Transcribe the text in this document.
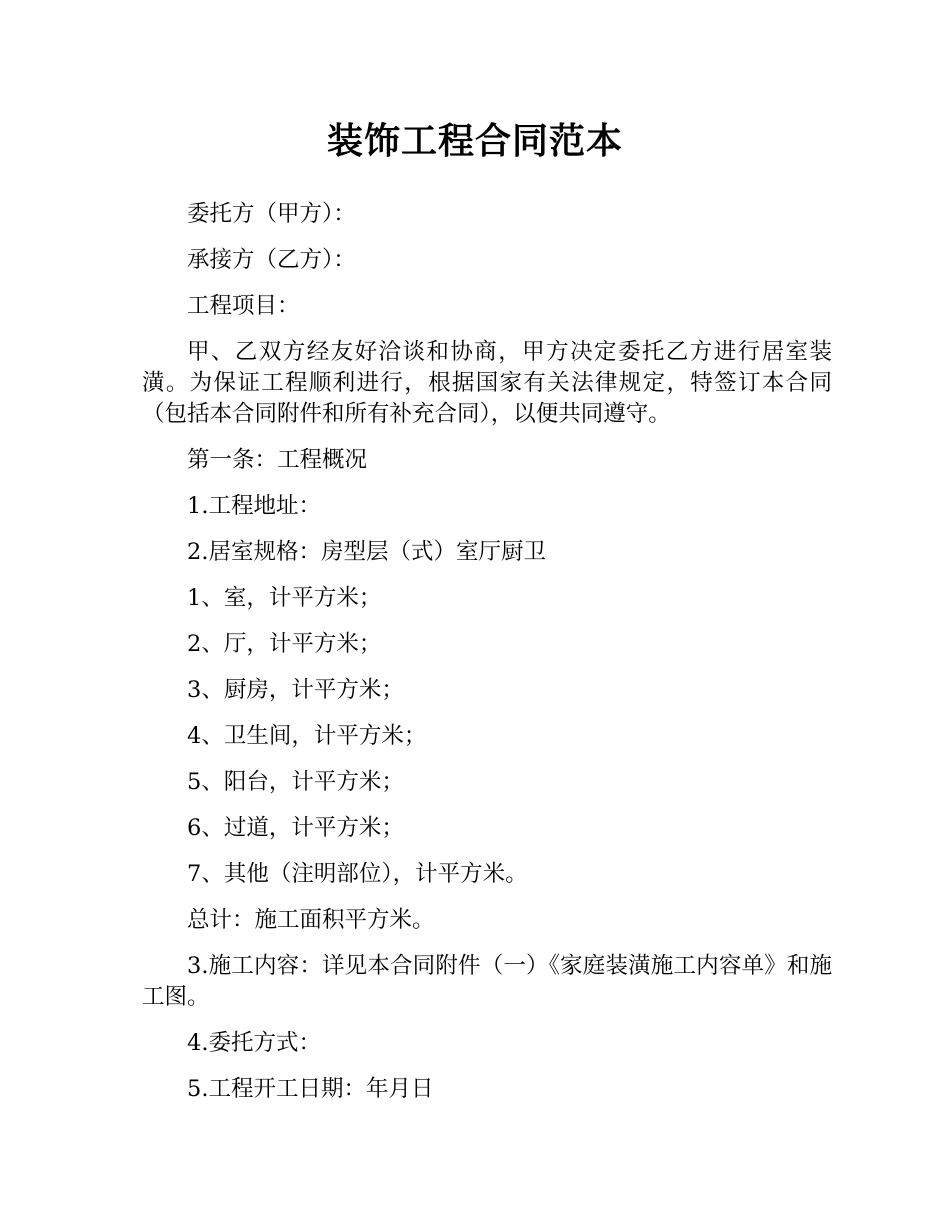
装饰工程合同范本

委托方（甲方）：

承接方（乙方）：

工程项目：

甲、乙双方经友好洽谈和协商，甲方决定委托乙方进行居室装潢。为保证工程顺利进行，根据国家有关法律规定，特签订本合同（包括本合同附件和所有补充合同），以便共同遵守。

第一条：工程概况

1.工程地址：

2.居室规格：房型层（式）室厅厨卫

1、室，计平方米；

2、厅，计平方米；

3、厨房，计平方米；

4、卫生间，计平方米；

5、阳台，计平方米；

6、过道，计平方米；

7、其他（注明部位），计平方米。

总计：施工面积平方米。

3.施工内容：详见本合同附件（一）《家庭装潢施工内容单》和施工图。

4.委托方式：

5.工程开工日期：年月日
